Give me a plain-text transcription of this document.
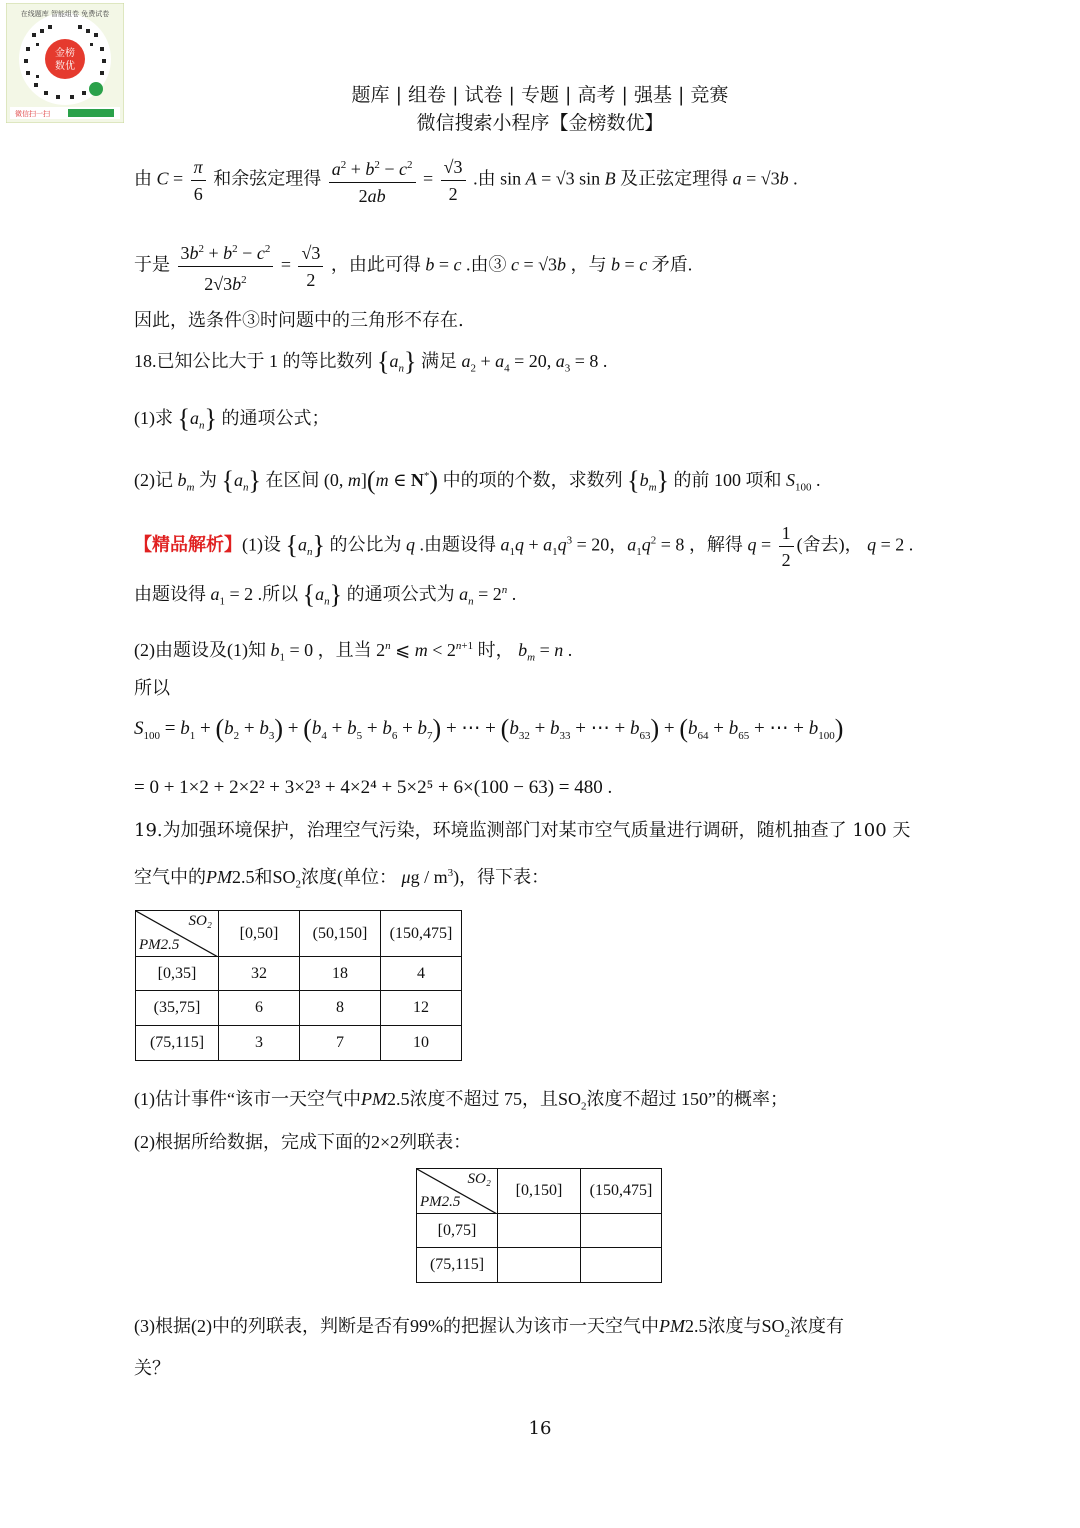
金榜
数优
在线题库 智能组卷 免费试卷
微信扫一扫
题库 | 组卷 | 试卷 | 专题 | 高考 | 强基 | 竞赛
微信搜索小程序【金榜数优】
由 $C = \frac{\pi}{6}$ 和余弦定理得 $\frac{a^2 + b^2 - c^2}{2ab} = \frac{√3}{2}$ .由 sin A = √3 sin B 及正弦定理得 a = √3b .
于是 $\frac{3b^2 + b^2 - c^2}{2√3b^2} = \frac{√3}{2}$ ，由此可得 b = c .由③ c = √3b ，与 b = c 矛盾.
因此，选条件③时问题中的三角形不存在.
18.已知公比大于 1 的等比数列 $\{a_n\}$ 满足 $a_2 + a_4 = 20$, $a_3 = 8$ .
(1)求 $\{a_n\}$ 的通项公式；
(2)记 $b_m$ 为 $\{a_n\}$ 在区间 (0, m](m ∈ N*) 中的项的个数，求数列 $\{b_m\}$ 的前 100 项和 $S_{100}$ .
【精品解析】(1)设 $\{a_n\}$ 的公比为 q .由题设得 $a_1q + a_1q^3 = 20$，$a_1q^2 = 8$ ，解得 $q = \frac{1}{2}$ (舍去)， q = 2 .
由题设得 $a_1 = 2$ .所以 $\{a_n\}$ 的通项公式为 $a_n = 2^n$ .
(2)由题设及(1)知 $b_1 = 0$ ，且当 2$^n$ ⩽ $m < 2^{n+1}$ 时， $b_m = n$ .
所以
$S_{100} = b_1 + (b_2 + b_3) + (b_4 + b_5 + b_6 + b_7)$ + ⋯ + ($b_{32} + b_{33}$ + ⋯ + $b_{63}) + (b_{64} + b_{65}$ + ⋯ + $b_{100}$)
= 0 + 1×2 + 2×2² + 3×2³ + 4×2⁴ + 5×2⁵ + 6×(100 − 63) = 480 .
19.为加强环境保护，治理空气污染，环境监测部门对某市空气质量进行调研，随机抽查了 100 天
空气中的PM2.5和$SO_2$浓度(单位： μg / $m^3$)，得下表：
SO₂
PM2.5	[0,50]	(50,150]	(150,475]
[0,35]	32	18	4
(35,75]	6	8	12
(75,115]	3	7	10
(1)估计事件“该市一天空气中PM2.5浓度不超过 75，且$SO_2$浓度不超过 150”的概率；
(2)根据所给数据，完成下面的2×2列联表：
SO₂
PM2.5	[0,150]	(150,475]
[0,75]		
(75,115]		
(3)根据(2)中的列联表，判断是否有99%的把握认为该市一天空气中PM2.5浓度与$SO_2$浓度有
关？
16
